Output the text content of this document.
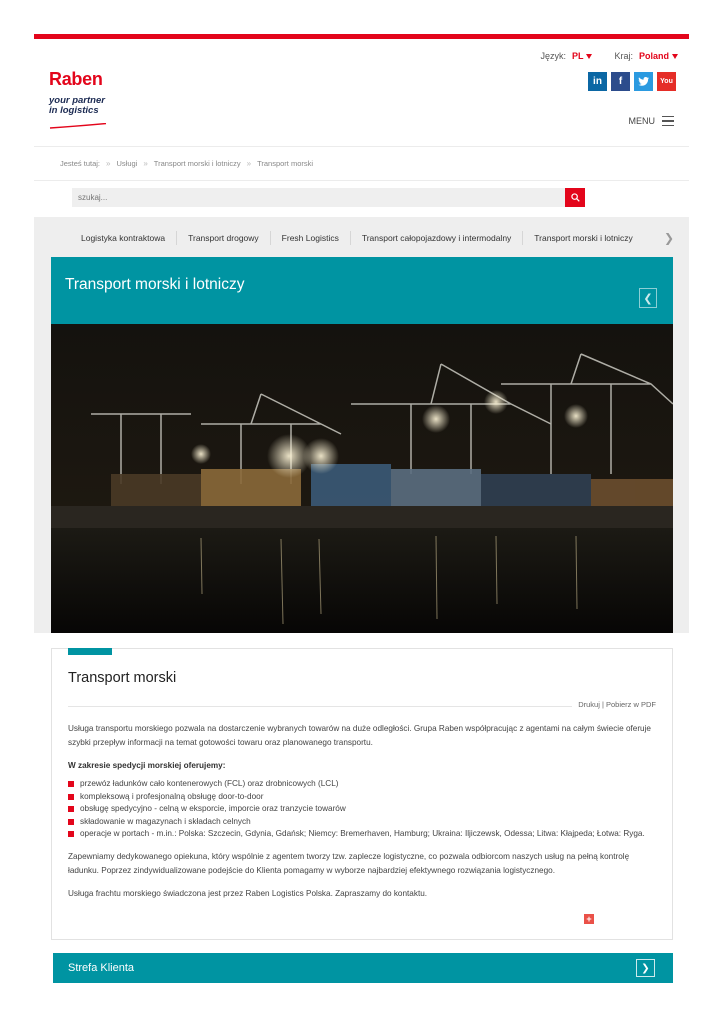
Język: PL	Kraj: Poland
Raben
your partner
in logistics
in	f	You
MENU
Jesteś tutaj: » Usługi » Transport morski i lotniczy » Transport morski
szukaj...
Logistyka kontraktowa	Transport drogowy	Fresh Logistics	Transport całopojazdowy i intermodalny	Transport morski i lotniczy	❯
Transport morski i lotniczy
❮
Transport morski
Drukuj | Pobierz w PDF

Usługa transportu morskiego pozwala na dostarczenie wybranych towarów na duże odległości. Grupa Raben współpracując z agentami na całym świecie oferuje szybki przepływ informacji na temat gotowości towaru oraz planowanego transportu.

W zakresie spedycji morskiej oferujemy:

przewóz ładunków cało kontenerowych (FCL) oraz drobnicowych (LCL)
kompleksową i profesjonalną obsługę door-to-door
obsługę spedycyjno - celną w eksporcie, imporcie oraz tranzycie towarów
składowanie w magazynach i składach celnych
operacje w portach - m.in.: Polska: Szczecin, Gdynia, Gdańsk; Niemcy: Bremerhaven, Hamburg; Ukraina: Iljiczewsk, Odessa; Litwa: Kłajpeda; Łotwa: Ryga.

Zapewniamy dedykowanego opiekuna, który wspólnie z agentem tworzy tzw. zaplecze logistyczne, co pozwala odbiorcom naszych usług na pełną kontrolę ładunku. Poprzez zindywidualizowane podejście do Klienta pomagamy w wyborze najbardziej efektywnego rozwiązania logistycznego.

Usługa frachtu morskiego świadczona jest przez Raben Logistics Polska. Zapraszamy do kontaktu.

+
Strefa Klienta	❯
